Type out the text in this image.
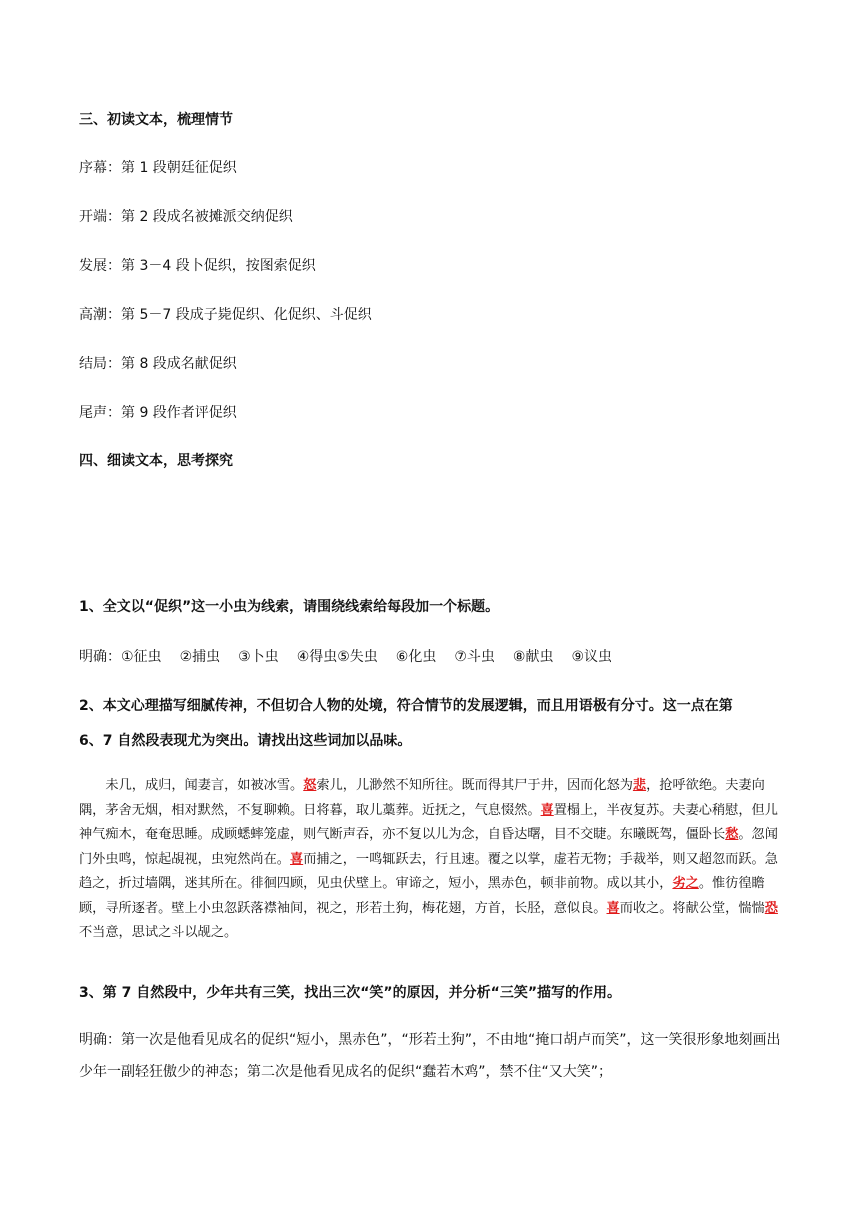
三、初读文本，梳理情节
序幕：第 1 段朝廷征促织
开端：第 2 段成名被摊派交纳促织
发展：第 3－4 段卜促织，按图索促织
高潮：第 5－7 段成子毙促织、化促织、斗促织
结局：第 8 段成名献促织
尾声：第 9 段作者评促织
四、细读文本，思考探究
1、全文以“促织”这一小虫为线索，请围绕线索给每段加一个标题。
明确：①征虫 ②捕虫 ③卜虫 ④得虫⑤失虫 ⑥化虫 ⑦斗虫 ⑧献虫 ⑨议虫
2、本文心理描写细腻传神，不但切合人物的处境，符合情节的发展逻辑，而且用语极有分寸。这一点在第
6、7 自然段表现尤为突出。请找出这些词加以品味。

未几，成归，闻妻言，如被冰雪。怒索儿，儿渺然不知所往。既而得其尸于井，因而化怒为悲，抢呼欲绝。夫妻向隅，茅舍无烟，相对默然，不复聊赖。日将暮，取儿藁葬。近抚之，气息惙然。喜置榻上，半夜复苏。夫妻心稍慰，但儿神气痴木，奄奄思睡。成顾蟋蟀笼虚，则气断声吞，亦不复以儿为念，自昏达曙，目不交睫。东曦既驾，僵卧长愁。忽闻门外虫鸣，惊起覘视，虫宛然尚在。喜而捕之，一鸣辄跃去，行且速。覆之以掌，虚若无物；手裁举，则又超忽而跃。急趋之，折过墙隅，迷其所在。徘徊四顾，见虫伏壁上。审谛之，短小，黑赤色，顿非前物。成以其小，劣之。惟彷徨瞻顾，寻所逐者。壁上小虫忽跃落襟袖间，视之，形若土狗，梅花翅，方首，长胫，意似良。喜而收之。将献公堂，惴惴恐不当意，思试之斗以觇之。

3、第 7 自然段中，少年共有三笑，找出三次“笑”的原因，并分析“三笑”描写的作用。
明确：第一次是他看见成名的促织“短小，黑赤色”，“形若土狗”，不由地“掩口胡卢而笑”，这一笑很形象地刻画出少年一副轻狂傲少的神态；第二次是他看见成名的促织“蠢若木鸡”，禁不住“又大笑”；
